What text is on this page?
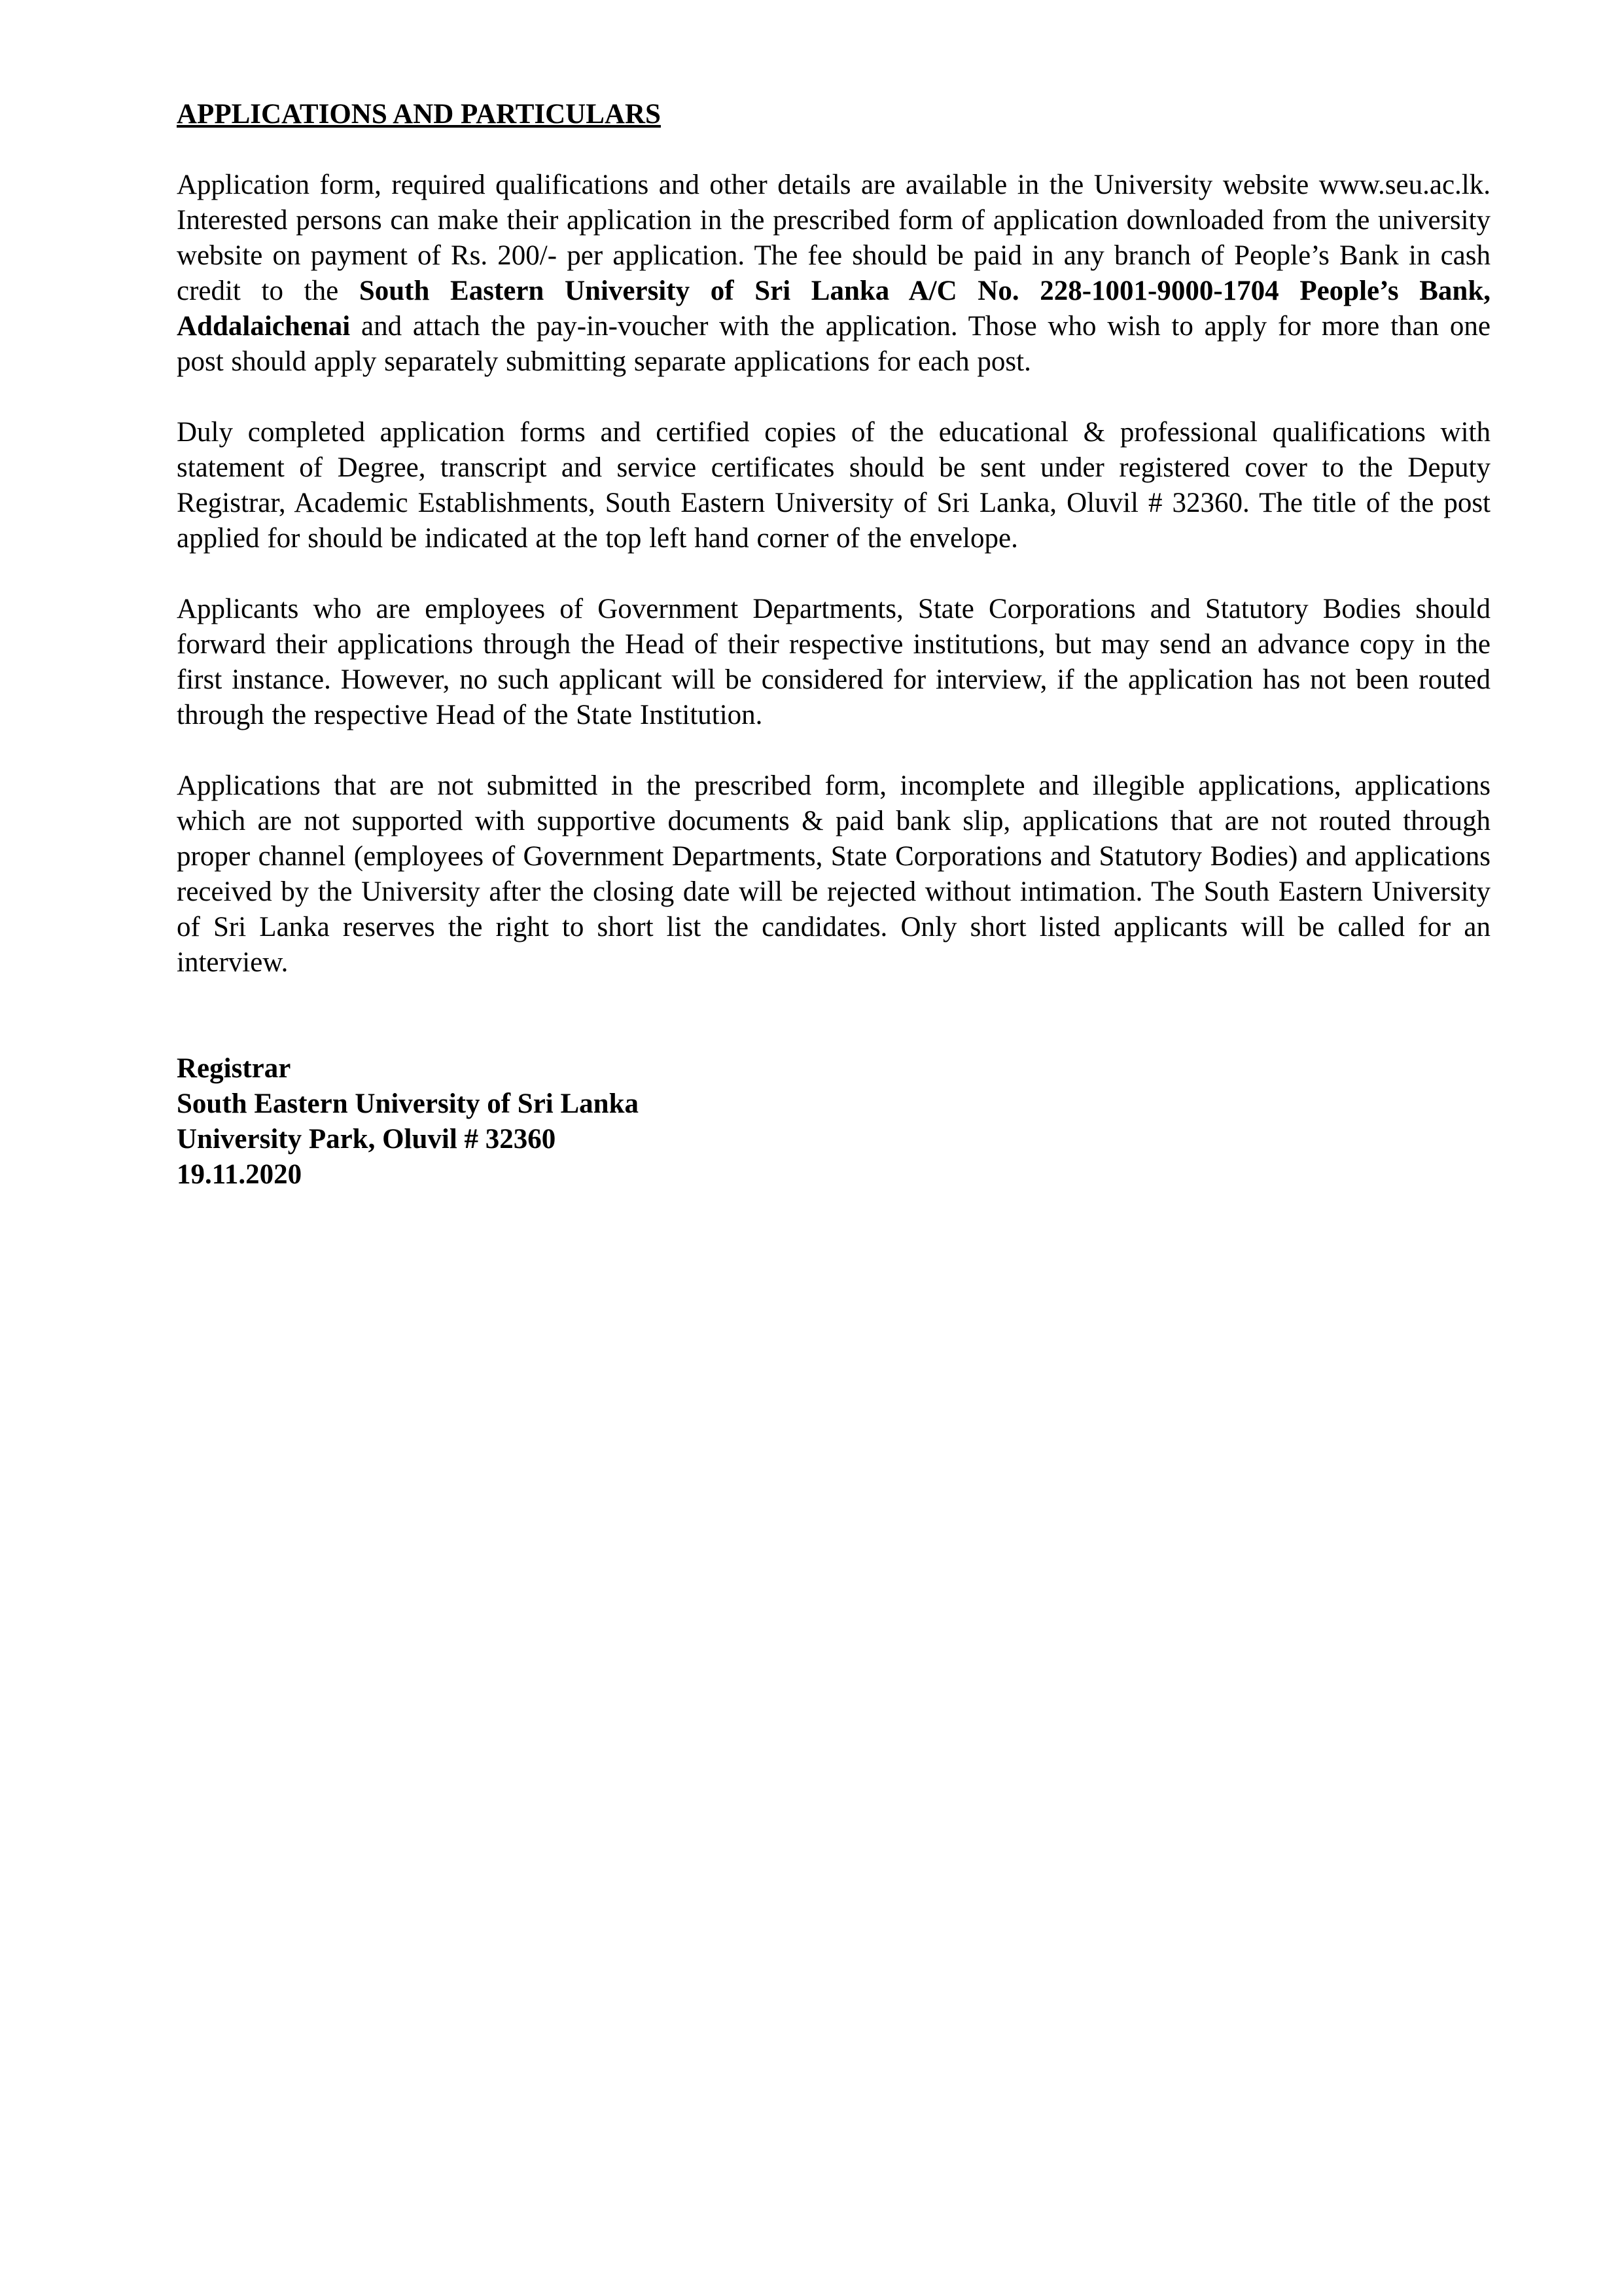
APPLICATIONS AND PARTICULARS

Application form, required qualifications and other details are available in the University website www.seu.ac.lk. Interested persons can make their application in the prescribed form of application downloaded from the university website on payment of Rs. 200/- per application. The fee should be paid in any branch of People’s Bank in cash credit to the South Eastern University of Sri Lanka A/C No. 228-1001-9000-1704 People’s Bank, Addalaichenai and attach the pay-in-voucher with the application. Those who wish to apply for more than one post should apply separately submitting separate applications for each post.

Duly completed application forms and certified copies of the educational & professional qualifications with statement of Degree, transcript and service certificates should be sent under registered cover to the Deputy Registrar, Academic Establishments, South Eastern University of Sri Lanka, Oluvil # 32360. The title of the post applied for should be indicated at the top left hand corner of the envelope.

Applicants who are employees of Government Departments, State Corporations and Statutory Bodies should forward their applications through the Head of their respective institutions, but may send an advance copy in the first instance. However, no such applicant will be considered for interview, if the application has not been routed through the respective Head of the State Institution.

Applications that are not submitted in the prescribed form, incomplete and illegible applications, applications which are not supported with supportive documents & paid bank slip, applications that are not routed through proper channel (employees of Government Departments, State Corporations and Statutory Bodies) and applications received by the University after the closing date will be rejected without intimation. The South Eastern University of Sri Lanka reserves the right to short list the candidates. Only short listed applicants will be called for an interview.

Registrar
South Eastern University of Sri Lanka
University Park, Oluvil # 32360
19.11.2020
